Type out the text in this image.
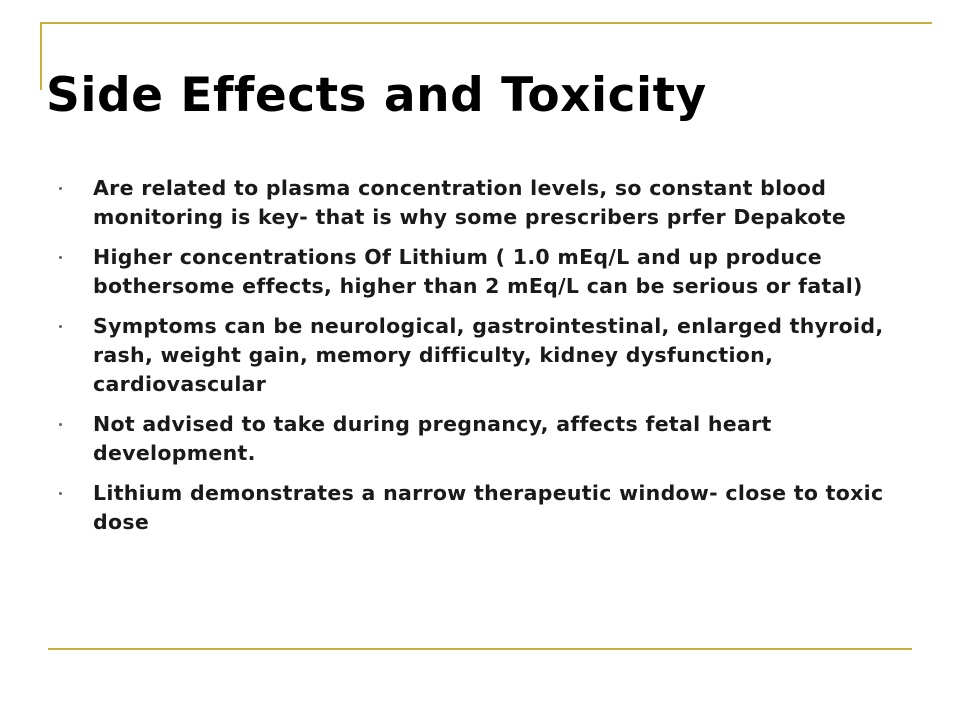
Side Effects and Toxicity
Are related to plasma concentration levels, so constant blood monitoring is key- that is why some prescribers prfer Depakote
Higher concentrations Of Lithium ( 1.0 mEq/L and up produce bothersome effects, higher than 2 mEq/L can be serious or fatal)
Symptoms can be neurological, gastrointestinal, enlarged thyroid, rash, weight gain, memory difficulty, kidney dysfunction, cardiovascular
Not advised to take during pregnancy, affects fetal heart development.
Lithium demonstrates a narrow therapeutic window- close to toxic dose
